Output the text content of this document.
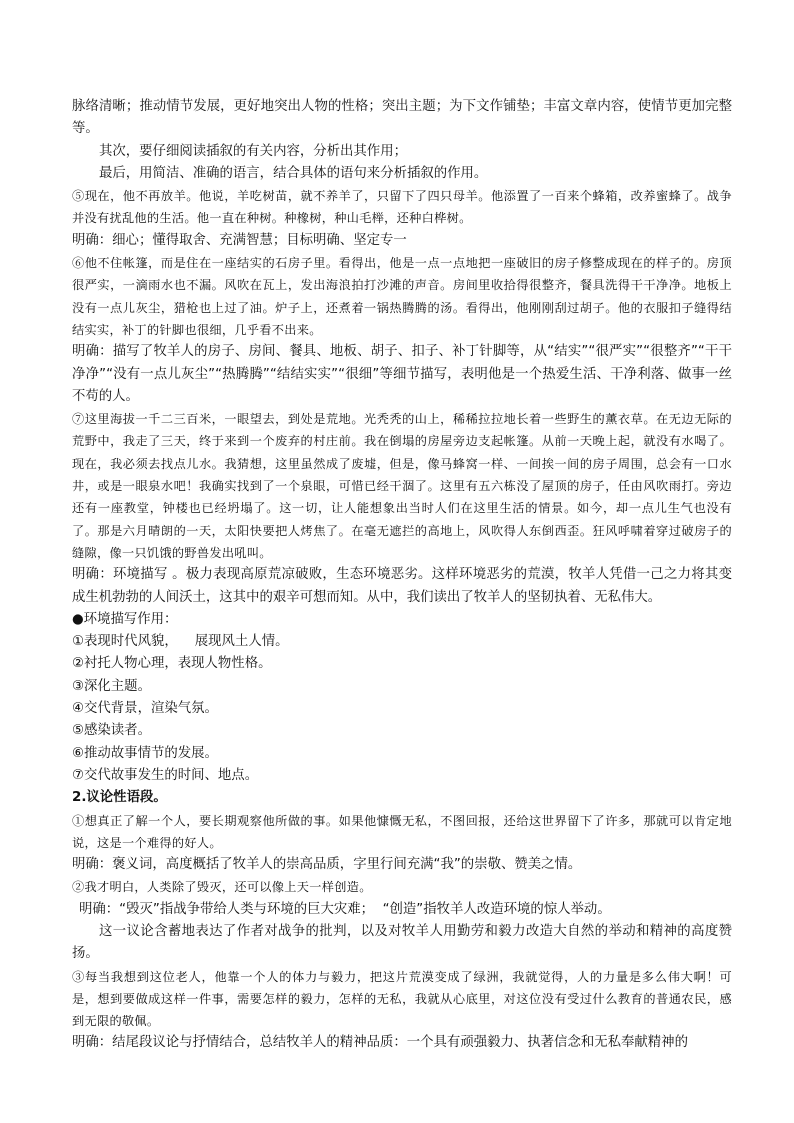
脉络清晰；推动情节发展，更好地突出人物的性格；突出主题；为下文作铺垫；丰富文章内容，使情节更加完整等。

其次，要仔细阅读插叙的有关内容，分析出其作用；

最后，用简洁、准确的语言，结合具体的语句来分析插叙的作用。

⑤现在，他不再放羊。他说，羊吃树苗，就不养羊了，只留下了四只母羊。他添置了一百来个蜂箱，改养蜜蜂了。战争并没有扰乱他的生活。他一直在种树。种橡树，种山毛榉，还种白桦树。

明确：细心；懂得取舍、充满智慧；目标明确、坚定专一

⑥他不住帐篷，而是住在一座结实的石房子里。看得出，他是一点一点地把一座破旧的房子修整成现在的样子的。房顶很严实，一滴雨水也不漏。风吹在瓦上，发出海浪拍打沙滩的声音。房间里收拾得很整齐，餐具洗得干干净净。地板上没有一点儿灰尘，猎枪也上过了油。炉子上，还煮着一锅热腾腾的汤。看得出，他刚刚刮过胡子。他的衣服扣子缝得结结实实，补丁的针脚也很细，几乎看不出来。

明确：描写了牧羊人的房子、房间、餐具、地板、胡子、扣子、补丁针脚等，从“结实”“很严实”“很整齐”“干干净净”“没有一点儿灰尘”“热腾腾”“结结实实”“很细”等细节描写，表明他是一个热爱生活、干净利落、做事一丝不苟的人。

⑦这里海拔一千二三百米，一眼望去，到处是荒地。光秃秃的山上，稀稀拉拉地长着一些野生的薰衣草。在无边无际的荒野中，我走了三天，终于来到一个废弃的村庄前。我在倒塌的房屋旁边支起帐篷。从前一天晚上起，就没有水喝了。现在，我必须去找点儿水。我猜想，这里虽然成了废墟，但是，像马蜂窝一样、一间挨一间的房子周围，总会有一口水井，或是一眼泉水吧！我确实找到了一个泉眼，可惜已经干涸了。这里有五六栋没了屋顶的房子，任由风吹雨打。旁边还有一座教堂，钟楼也已经坍塌了。这一切，让人能想象出当时人们在这里生活的情景。如今，却一点儿生气也没有了。那是六月晴朗的一天，太阳快要把人烤焦了。在毫无遮拦的高地上，风吹得人东倒西歪。狂风呼啸着穿过破房子的缝隙，像一只饥饿的野兽发出吼叫。

明确：环境描写 。极力表现高原荒凉破败，生态环境恶劣。这样环境恶劣的荒漠，牧羊人凭借一己之力将其变成生机勃勃的人间沃土，这其中的艰辛可想而知。从中，我们读出了牧羊人的坚韧执着、无私伟大。

●环境描写作用：

①表现时代风貌，    展现风土人情。

②衬托人物心理，表现人物性格。

③深化主题。

④交代背景，渲染气氛。

⑤感染读者。

⑥推动故事情节的发展。

⑦交代故事发生的时间、地点。

2.议论性语段。

①想真正了解一个人，要长期观察他所做的事。如果他慷慨无私，不图回报，还给这世界留下了许多，那就可以肯定地说，这是一个难得的好人。

明确：褒义词，高度概括了牧羊人的崇高品质，字里行间充满“我”的崇敬、赞美之情。

②我才明白，人类除了毁灭，还可以像上天一样创造。

明确：“毁灭”指战争带给人类与环境的巨大灾难；  “创造”指牧羊人改造环境的惊人举动。

这一议论含蓄地表达了作者对战争的批判，以及对牧羊人用勤劳和毅力改造大自然的举动和精神的高度赞扬。

③每当我想到这位老人，他靠一个人的体力与毅力，把这片荒漠变成了绿洲，我就觉得，人的力量是多么伟大啊！可是，想到要做成这样一件事，需要怎样的毅力，怎样的无私，我就从心底里，对这位没有受过什么教育的普通农民，感到无限的敬佩。

明确：结尾段议论与抒情结合，总结牧羊人的精神品质：一个具有顽强毅力、执著信念和无私奉献精神的
